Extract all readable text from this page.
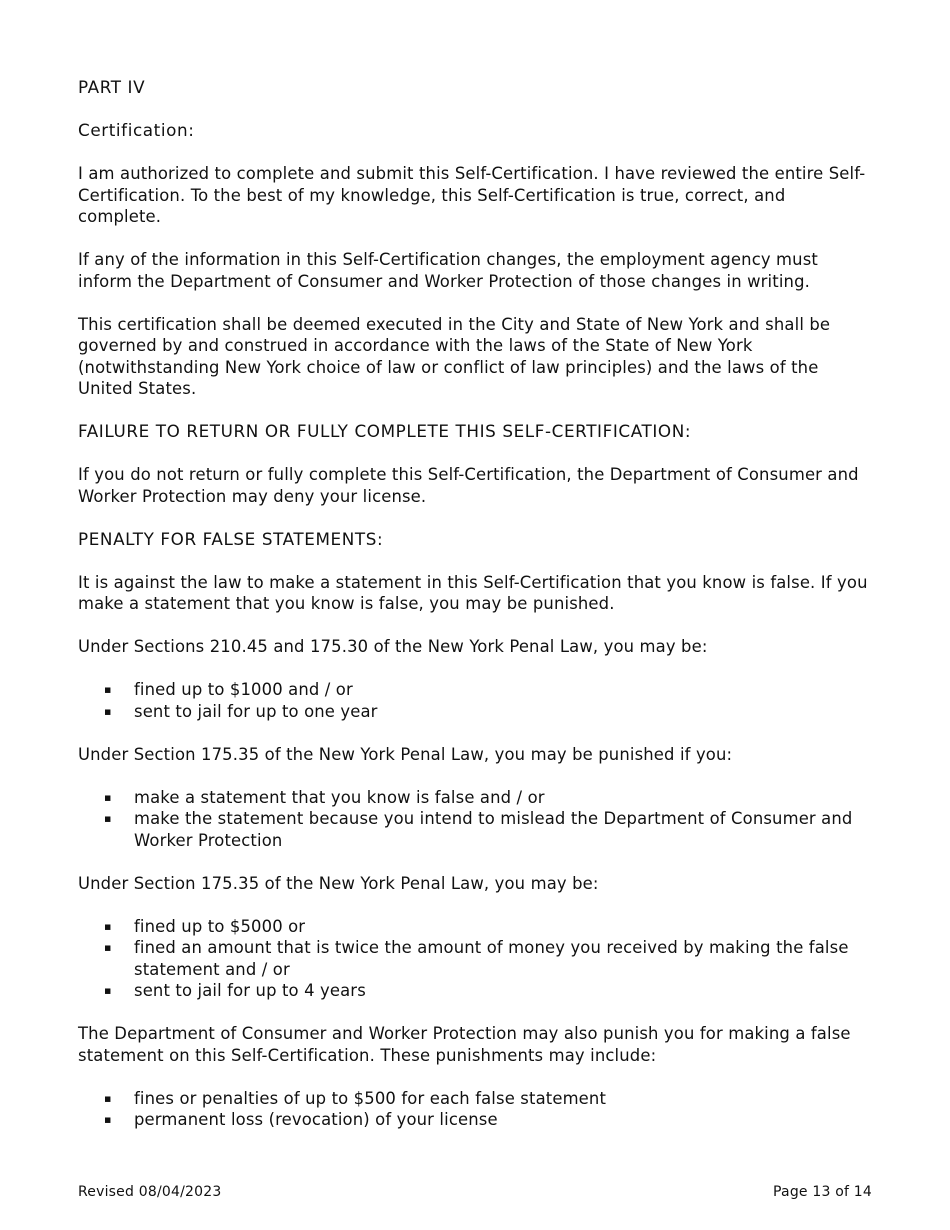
PART IV

Certification:

I am authorized to complete and submit this Self-Certification. I have reviewed the entire Self-Certification. To the best of my knowledge, this Self-Certification is true, correct, and complete.

If any of the information in this Self-Certification changes, the employment agency must inform the Department of Consumer and Worker Protection of those changes in writing.

This certification shall be deemed executed in the City and State of New York and shall be governed by and construed in accordance with the laws of the State of New York (notwithstanding New York choice of law or conflict of law principles) and the laws of the United States.

FAILURE TO RETURN OR FULLY COMPLETE THIS SELF-CERTIFICATION:

If you do not return or fully complete this Self-Certification, the Department of Consumer and Worker Protection may deny your license.

PENALTY FOR FALSE STATEMENTS:

It is against the law to make a statement in this Self-Certification that you know is false. If you make a statement that you know is false, you may be punished.

Under Sections 210.45 and 175.30 of the New York Penal Law, you may be:

▪ fined up to $1000 and / or
▪ sent to jail for up to one year

Under Section 175.35 of the New York Penal Law, you may be punished if you:

▪ make a statement that you know is false and / or
▪ make the statement because you intend to mislead the Department of Consumer and Worker Protection

Under Section 175.35 of the New York Penal Law, you may be:

▪ fined up to $5000 or
▪ fined an amount that is twice the amount of money you received by making the false statement and / or
▪ sent to jail for up to 4 years

The Department of Consumer and Worker Protection may also punish you for making a false statement on this Self-Certification. These punishments may include:

▪ fines or penalties of up to $500 for each false statement
▪ permanent loss (revocation) of your license
Revised 08/04/2023	Page 13 of 14
